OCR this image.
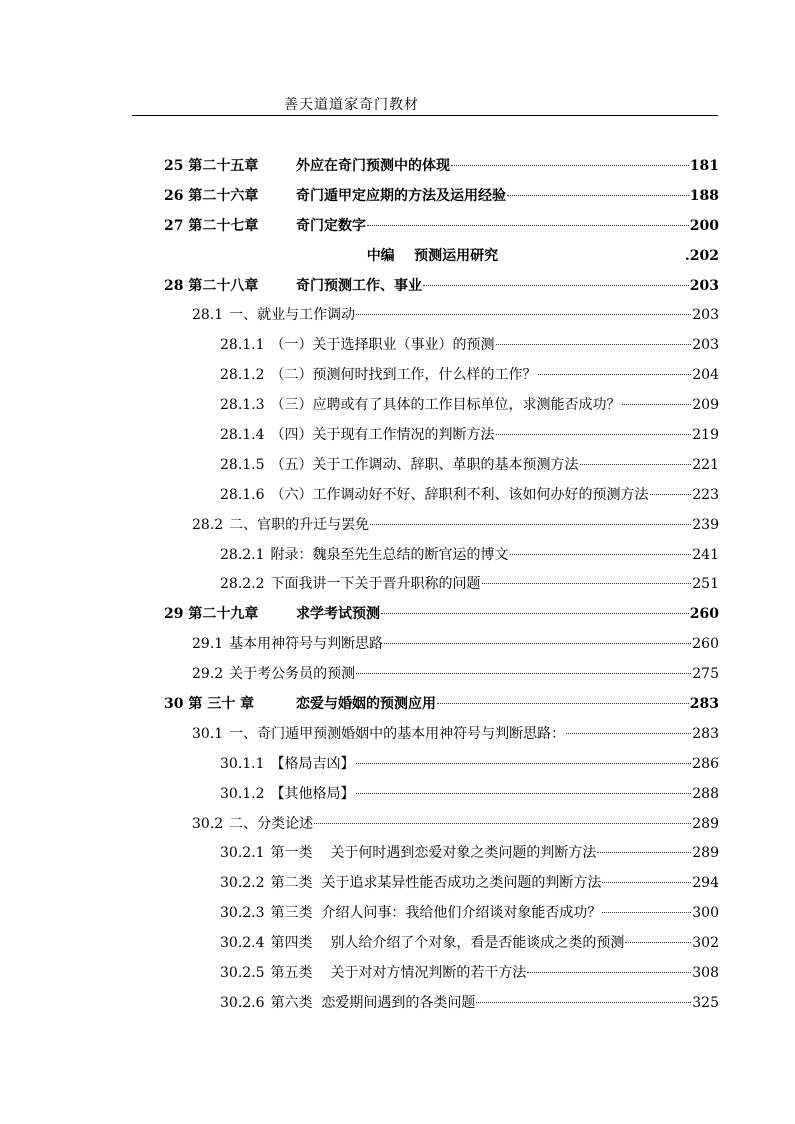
善天道道家奇门教材
25 第二十五章	外应在奇门预测中的体现	181
26 第二十六章	奇门遁甲定应期的方法及运用经验	188
27 第二十七章	奇门定数字	200
中编    预测运用研究	.202
28 第二十八章	奇门预测工作、事业	203
28.1 一、就业与工作调动	203
28.1.1 （一）关于选择职业（事业）的预测	203
28.1.2 （二）预测何时找到工作，什么样的工作？	204
28.1.3 （三）应聘或有了具体的工作目标单位，求测能否成功？	209
28.1.4 （四）关于现有工作情况的判断方法	219
28.1.5 （五）关于工作调动、辞职、革职的基本预测方法	221
28.1.6 （六）工作调动好不好、辞职利不利、该如何办好的预测方法	223
28.2 二、官职的升迁与罢免	239
28.2.1 附录：魏泉至先生总结的断官运的博文	241
28.2.2 下面我讲一下关于晋升职称的问题	251
29 第二十九章	求学考试预测	260
29.1 基本用神符号与判断思路	260
29.2 关于考公务员的预测	275
30 第 三十 章	恋爱与婚姻的预测应用	283
30.1 一、奇门遁甲预测婚姻中的基本用神符号与判断思路：	283
30.1.1 【格局吉凶】	286
30.1.2 【其他格局】	288
30.2 二、分类论述	289
30.2.1 第一类    关于何时遇到恋爱对象之类问题的判断方法	289
30.2.2 第二类  关于追求某异性能否成功之类问题的判断方法	294
30.2.3 第三类  介绍人问事：我给他们介绍谈对象能否成功？	300
30.2.4 第四类    别人给介绍了个对象，看是否能谈成之类的预测	302
30.2.5 第五类    关于对对方情况判断的若干方法	308
30.2.6 第六类  恋爱期间遇到的各类问题	325
